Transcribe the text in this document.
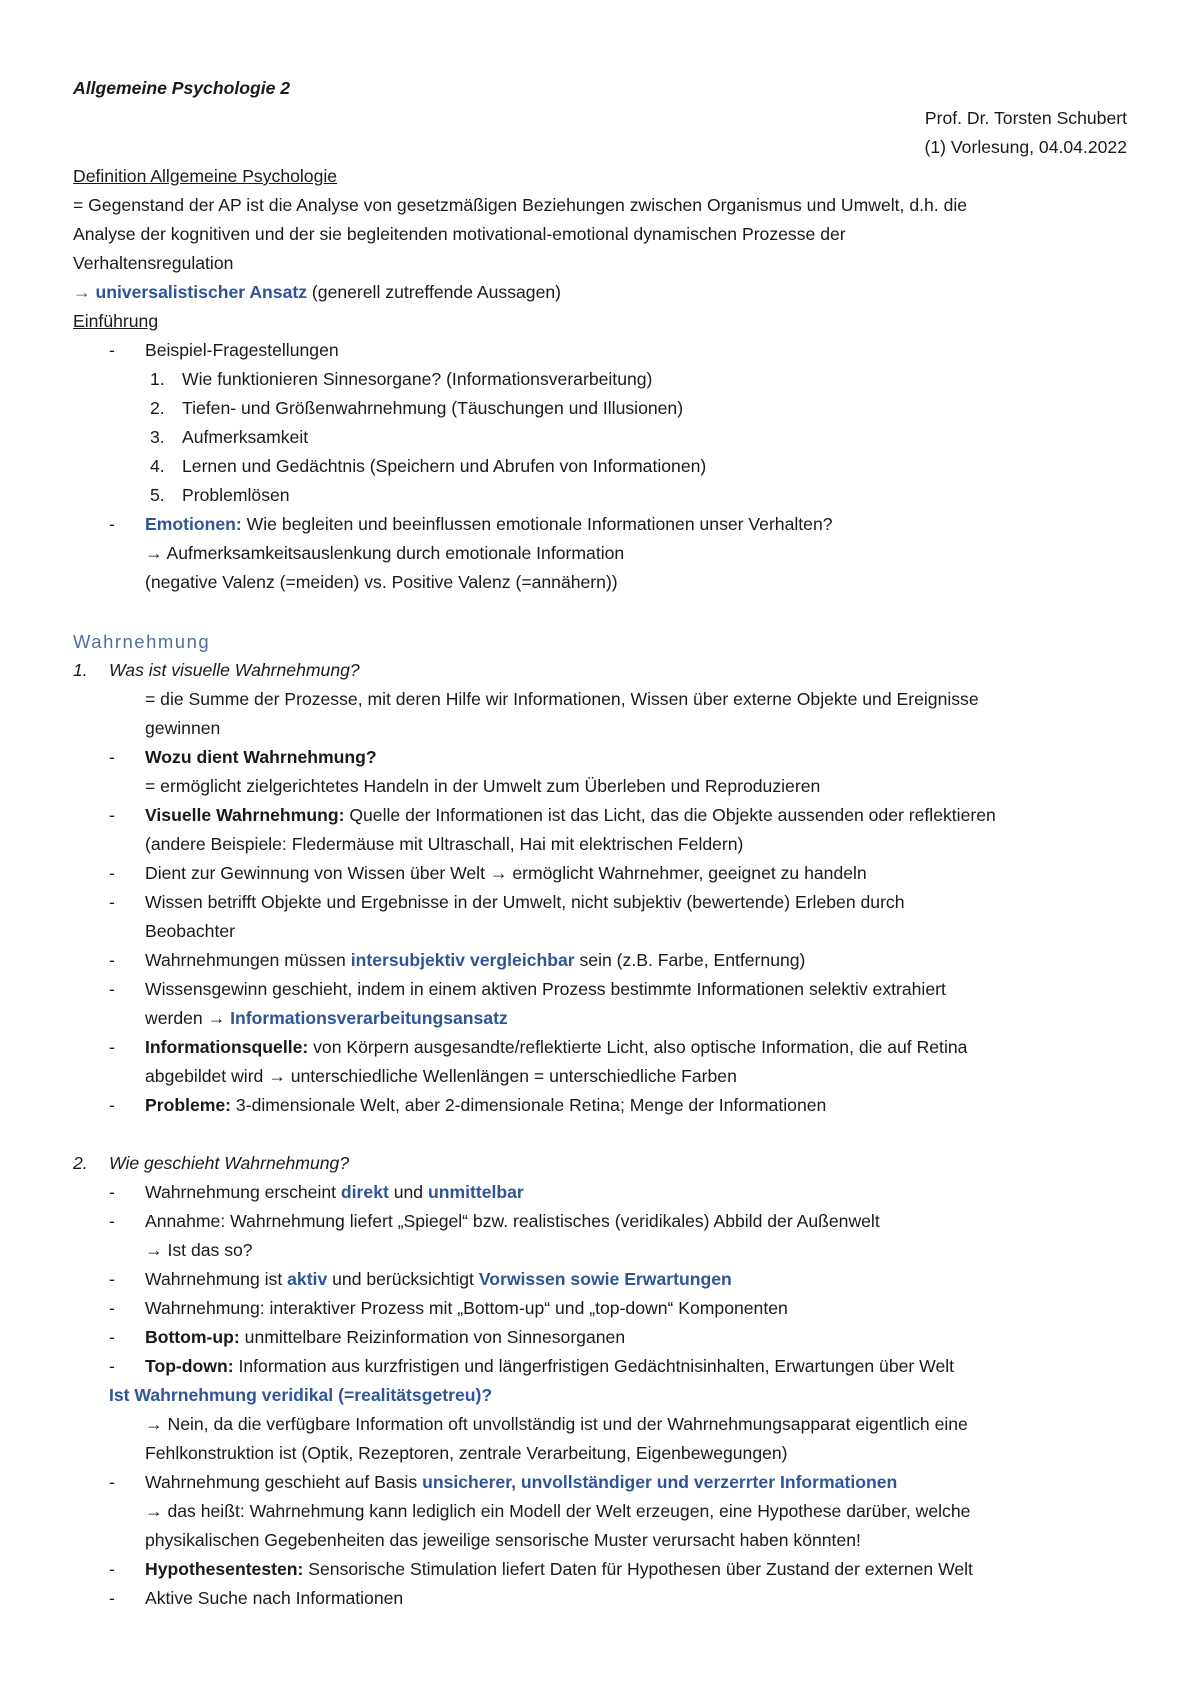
Allgemeine Psychologie 2
Prof. Dr. Torsten Schubert
(1) Vorlesung, 04.04.2022
Definition Allgemeine Psychologie
= Gegenstand der AP ist die Analyse von gesetzmäßigen Beziehungen zwischen Organismus und Umwelt, d.h. die
Analyse der kognitiven und der sie begleitenden motivational-emotional dynamischen Prozesse der
Verhaltensregulation
→ universalistischer Ansatz (generell zutreffende Aussagen)
Einführung
- Beispiel-Fragestellungen
1. Wie funktionieren Sinnesorgane? (Informationsverarbeitung)
2. Tiefen- und Größenwahrnehmung (Täuschungen und Illusionen)
3. Aufmerksamkeit
4. Lernen und Gedächtnis (Speichern und Abrufen von Informationen)
5. Problemlösen
- Emotionen: Wie begleiten und beeinflussen emotionale Informationen unser Verhalten?
→ Aufmerksamkeitsauslenkung durch emotionale Information
(negative Valenz (=meiden) vs. Positive Valenz (=annähern))
Wahrnehmung
1. Was ist visuelle Wahrnehmung?
= die Summe der Prozesse, mit deren Hilfe wir Informationen, Wissen über externe Objekte und Ereignisse
gewinnen
- Wozu dient Wahrnehmung?
= ermöglicht zielgerichtetes Handeln in der Umwelt zum Überleben und Reproduzieren
- Visuelle Wahrnehmung: Quelle der Informationen ist das Licht, das die Objekte aussenden oder reflektieren
(andere Beispiele: Fledermäuse mit Ultraschall, Hai mit elektrischen Feldern)
- Dient zur Gewinnung von Wissen über Welt → ermöglicht Wahrnehmer, geeignet zu handeln
- Wissen betrifft Objekte und Ergebnisse in der Umwelt, nicht subjektiv (bewertende) Erleben durch
Beobachter
- Wahrnehmungen müssen intersubjektiv vergleichbar sein (z.B. Farbe, Entfernung)
- Wissensgewinn geschieht, indem in einem aktiven Prozess bestimmte Informationen selektiv extrahiert
werden → Informationsverarbeitungsansatz
- Informationsquelle: von Körpern ausgesandte/reflektierte Licht, also optische Information, die auf Retina
abgebildet wird → unterschiedliche Wellenlängen = unterschiedliche Farben
- Probleme: 3-dimensionale Welt, aber 2-dimensionale Retina; Menge der Informationen
2. Wie geschieht Wahrnehmung?
- Wahrnehmung erscheint direkt und unmittelbar
- Annahme: Wahrnehmung liefert „Spiegel“ bzw. realistisches (veridikales) Abbild der Außenwelt
→ Ist das so?
- Wahrnehmung ist aktiv und berücksichtigt Vorwissen sowie Erwartungen
- Wahrnehmung: interaktiver Prozess mit „Bottom-up“ und „top-down“ Komponenten
- Bottom-up: unmittelbare Reizinformation von Sinnesorganen
- Top-down: Information aus kurzfristigen und längerfristigen Gedächtnisinhalten, Erwartungen über Welt
Ist Wahrnehmung veridikal (=realitätsgetreu)?
→ Nein, da die verfügbare Information oft unvollständig ist und der Wahrnehmungsapparat eigentlich eine
Fehlkonstruktion ist (Optik, Rezeptoren, zentrale Verarbeitung, Eigenbewegungen)
- Wahrnehmung geschieht auf Basis unsicherer, unvollständiger und verzerrter Informationen
→ das heißt: Wahrnehmung kann lediglich ein Modell der Welt erzeugen, eine Hypothese darüber, welche
physikalischen Gegebenheiten das jeweilige sensorische Muster verursacht haben könnten!
- Hypothesentesten: Sensorische Stimulation liefert Daten für Hypothesen über Zustand der externen Welt
- Aktive Suche nach Informationen
